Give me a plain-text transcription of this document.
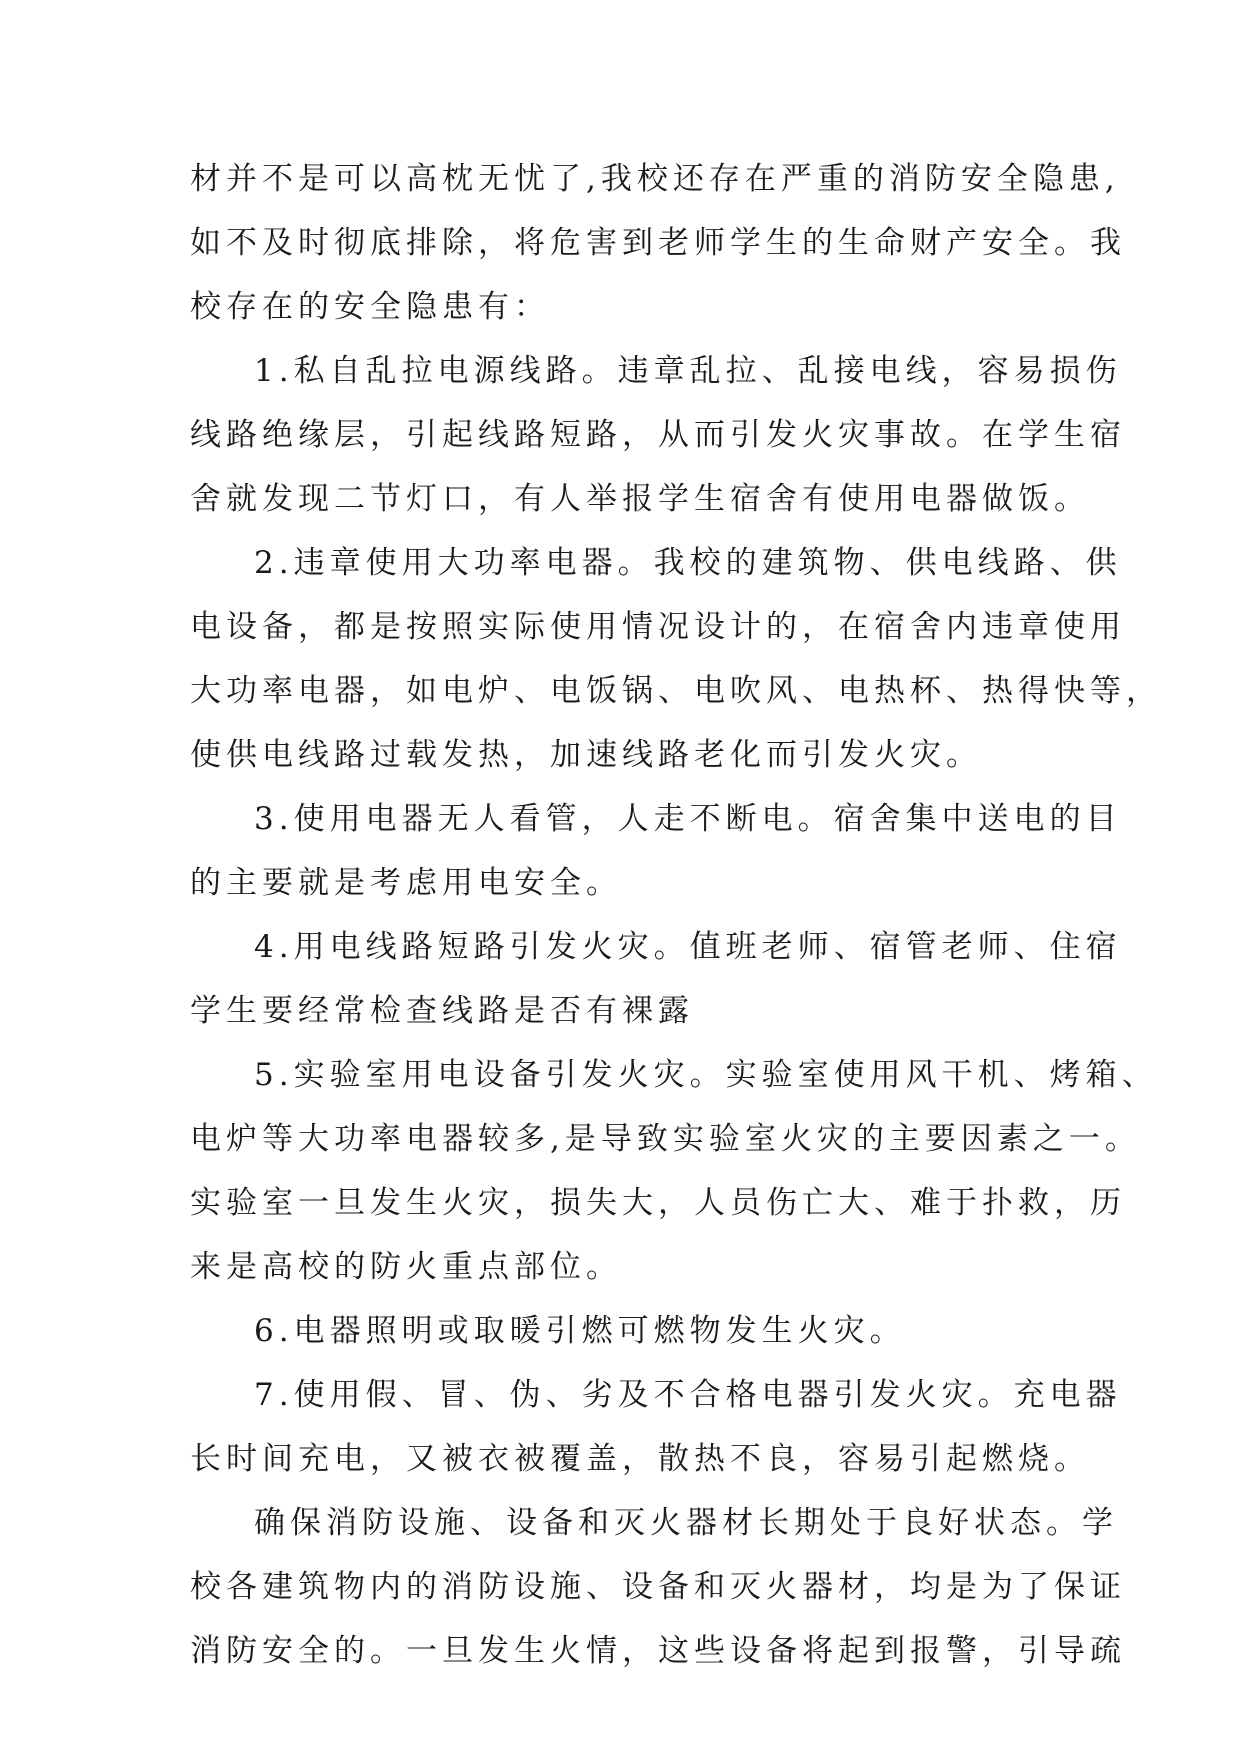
材并不是可以高枕无忧了,我校还存在严重的消防安全隐患,
如不及时彻底排除，将危害到老师学生的生命财产安全。我
校存在的安全隐患有：
1.私自乱拉电源线路。违章乱拉、乱接电线，容易损伤
线路绝缘层，引起线路短路，从而引发火灾事故。在学生宿
舍就发现二节灯口，有人举报学生宿舍有使用电器做饭。
2.违章使用大功率电器。我校的建筑物、供电线路、供
电设备，都是按照实际使用情况设计的，在宿舍内违章使用
大功率电器，如电炉、电饭锅、电吹风、电热杯、热得快等，
使供电线路过载发热，加速线路老化而引发火灾。
3.使用电器无人看管，人走不断电。宿舍集中送电的目
的主要就是考虑用电安全。
4.用电线路短路引发火灾。值班老师、宿管老师、住宿
学生要经常检查线路是否有裸露
5.实验室用电设备引发火灾。实验室使用风干机、烤箱、
电炉等大功率电器较多,是导致实验室火灾的主要因素之一。
实验室一旦发生火灾，损失大，人员伤亡大、难于扑救，历
来是高校的防火重点部位。
6.电器照明或取暖引燃可燃物发生火灾。
7.使用假、冒、伪、劣及不合格电器引发火灾。充电器
长时间充电，又被衣被覆盖，散热不良，容易引起燃烧。
确保消防设施、设备和灭火器材长期处于良好状态。学
校各建筑物内的消防设施、设备和灭火器材，均是为了保证
消防安全的。一旦发生火情，这些设备将起到报警，引导疏
